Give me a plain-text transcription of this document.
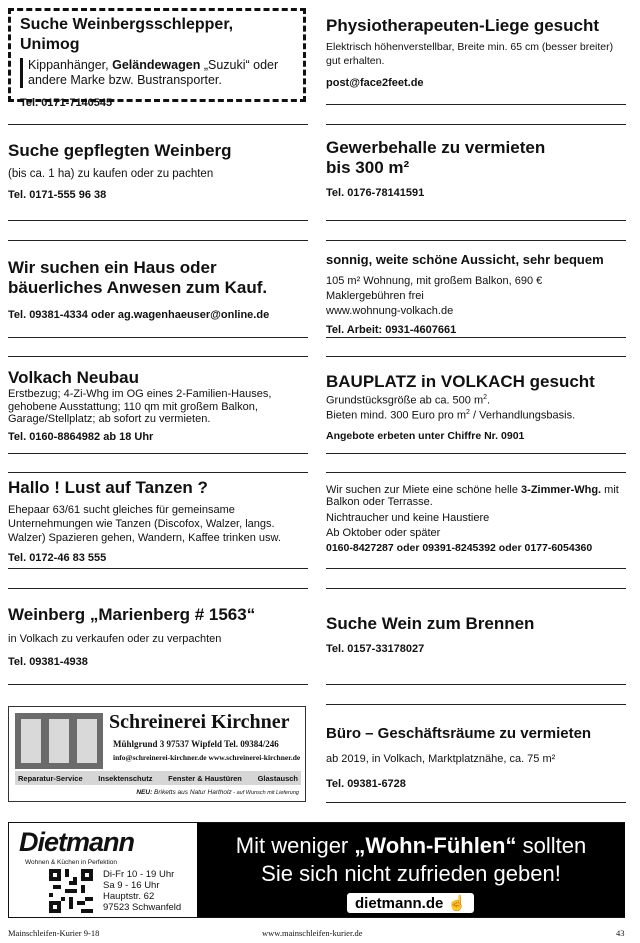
Suche Weinbergsschlepper, Unimog
Kippanhänger, Geländewagen „Suzuki“ oder andere Marke bzw. Bustransporter.
Tel. 0171-7140545
Physiotherapeuten-Liege gesucht
Elektrisch höhenverstellbar, Breite min. 65 cm (besser breiter) gut erhalten.
post@face2feet.de
Suche gepflegten Weinberg
(bis ca. 1 ha) zu kaufen oder zu pachten
Tel. 0171-555 96 38
Gewerbehalle zu vermieten bis 300 m²
Tel. 0176-78141591
Wir suchen ein Haus oder bäuerliches Anwesen zum Kauf.
Tel. 09381-4334 oder ag.wagenhaeuser@online.de
sonnig, weite schöne Aussicht, sehr bequem
105 m² Wohnung, mit großem Balkon, 690 €
Maklergebühren frei
www.wohnung-volkach.de
Tel. Arbeit: 0931-4607661
Volkach Neubau
Erstbezug; 4-Zi-Whg im OG eines 2-Familien-Hauses, gehobene Ausstattung; 110 qm mit großem Balkon, Garage/Stellplatz; ab sofort zu vermieten.
Tel. 0160-8864982 ab 18 Uhr
BAUPLATZ in VOLKACH gesucht
Grundstücksgröße ab ca. 500 $m^2$.
Bieten mind. 300 Euro pro $m^2$ / Verhandlungsbasis.
Angebote erbeten unter Chiffre Nr. 0901
Hallo ! Lust auf Tanzen ?
Ehepaar 63/61 sucht gleiches für gemeinsame Unternehmungen wie Tanzen (Discofox, Walzer, langs. Walzer) Spazieren gehen, Wandern, Kaffee trinken usw.
Tel. 0172-46 83 555
Wir suchen zur Miete eine schöne helle 3-Zimmer-Whg. mit Balkon oder Terrasse.
Nichtraucher und keine Haustiere
Ab Oktober oder später
0160-8427287 oder 09391-8245392 oder 0177-6054360
Weinberg „Marienberg # 1563“
in Volkach zu verkaufen oder zu verpachten
Tel. 09381-4938
Suche Wein zum Brennen
Tel. 0157-33178027
Schreinerei Kirchner
Mühlgrund 3 97537 Wipfeld Tel. 09384/246
info@schreinerei-kirchner.de www.schreinerei-kirchner.de
Reparatur-Service Insektenschutz Fenster & Haustüren Glastausch
NEU: Briketts aus Natur Hartholz - auf Wunsch mit Lieferung
Büro – Geschäftsräume zu vermieten
ab 2019, in Volkach, Marktplatznähe, ca. 75 m²
Tel. 09381-6728
Dietmann
Wohnen & Küchen in Perfektion
Di-Fr 10 - 19 Uhr
Sa 9 - 16 Uhr
Hauptstr. 62
97523 Schwanfeld
Mit weniger „Wohn-Fühlen“ sollten
Sie sich nicht zufrieden geben!
dietmann.de ☝
Mainschleifen-Kurier 9-18	www.mainschleifen-kurier.de	43
